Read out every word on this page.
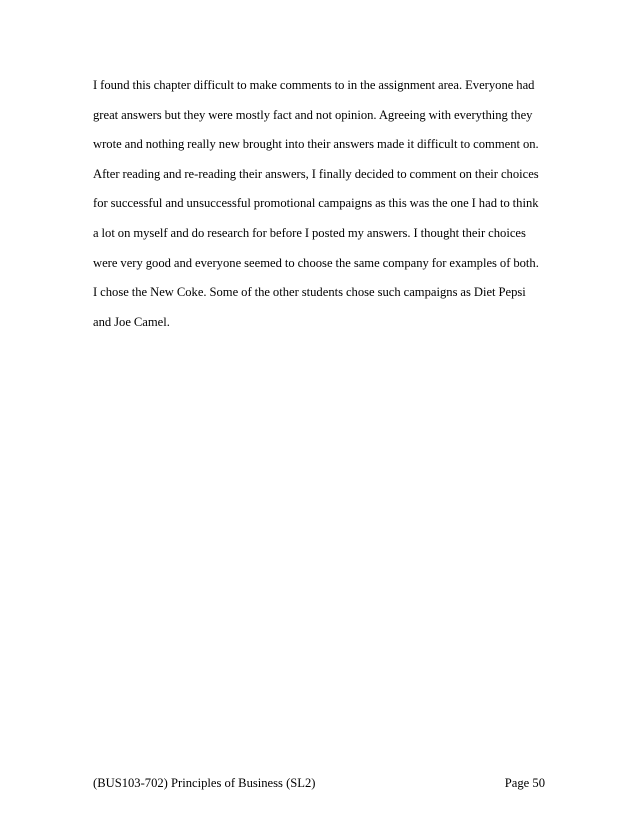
I found this chapter difficult to make comments to in the assignment area. Everyone had
great answers but they were mostly fact and not opinion. Agreeing with everything they
wrote and nothing really new brought into their answers made it difficult to comment on.
After reading and re-reading their answers, I finally decided to comment on their choices
for successful and unsuccessful promotional campaigns as this was the one I had to think
a lot on myself and do research for before I posted my answers. I thought their choices
were very good and everyone seemed to choose the same company for examples of both.
I chose the New Coke. Some of the other students chose such campaigns as Diet Pepsi
and Joe Camel.
(BUS103-702) Principles of Business (SL2)	Page 50
